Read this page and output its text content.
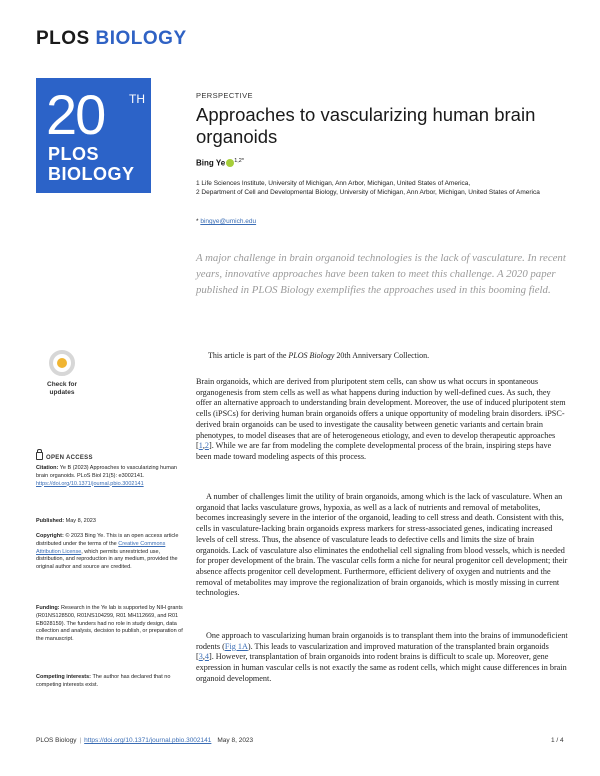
PLOS BIOLOGY
20 TH
PLOS
BIOLOGY
PERSPECTIVE
Approaches to vascularizing human brain organoids
Bing Ye $^{1,2*}$
1 Life Sciences Institute, University of Michigan, Ann Arbor, Michigan, United States of America,
2 Department of Cell and Developmental Biology, University of Michigan, Ann Arbor, Michigan, United States of America
* bingye@umich.edu
A major challenge in brain organoid technologies is the lack of vasculature. In recent years, innovative approaches have been taken to meet this challenge. A 2020 paper published in PLOS Biology exemplifies the approaches used in this booming field.
This article is part of the PLOS Biology 20th Anniversary Collection.
Check for
updates
OPEN ACCESS
Citation: Ye B (2023) Approaches to vascularizing human brain organoids. PLoS Biol 21(5): e3002141. https://doi.org/10.1371/journal.pbio.3002141
Published: May 8, 2023
Copyright: © 2023 Bing Ye. This is an open access article distributed under the terms of the Creative Commons Attribution License, which permits unrestricted use, distribution, and reproduction in any medium, provided the original author and source are credited.
Funding: Research in the Ye lab is supported by NIH grants (R01NS128500, R01NS104299, R01 MH112669, and R01 EB028159). The funders had no role in study design, data collection and analysis, decision to publish, or preparation of the manuscript.
Competing interests: The author has declared that no competing interests exist.
Brain organoids, which are derived from pluripotent stem cells, can show us what occurs in spontaneous organogenesis from stem cells as well as what happens during induction by well-defined cues. As such, they offer an alternative approach to understanding brain development. Moreover, the use of induced pluripotent stem cells (iPSCs) for deriving human brain organoids offers a unique opportunity of modeling brain disorders. iPSC-derived brain organoids can be used to investigate the causality between genetic variants and certain brain phenotypes, to model diseases that are of heterogeneous etiology, and even to develop therapeutic approaches [1,2]. While we are far from modeling the complete developmental process of the brain, inspiring steps have been made toward modeling aspects of this process.
A number of challenges limit the utility of brain organoids, among which is the lack of vasculature. When an organoid that lacks vasculature grows, hypoxia, as well as a lack of nutrients and removal of metabolites, becomes increasingly severe in the interior of the organoid, leading to cell stress and death. Consistent with this, cells in vasculature-lacking brain organoids express markers for stress-associated genes, indicating increased levels of cell stress. Thus, the absence of vasculature leads to defective cells and limits the size of brain organoids. Lack of vasculature also eliminates the endothelial cell signaling from blood vessels, which is needed for proper development of the brain. The vascular cells form a niche for neural progenitor cell development; their absence affects progenitor cell development. Furthermore, efficient delivery of oxygen and nutrients and the removal of metabolites may improve the regionalization of brain organoids, which is mostly missing in current technologies.
One approach to vascularizing human brain organoids is to transplant them into the brains of immunodeficient rodents (Fig 1A). This leads to vascularization and improved maturation of the transplanted brain organoids [3,4]. However, transplantation of brain organoids into rodent brains is difficult to scale up. Moreover, gene expression in human vascular cells is not exactly the same as rodent cells, which might cause differences in brain organoid development.
PLOS Biology | https://doi.org/10.1371/journal.pbio.3002141 May 8, 2023	1 / 4
